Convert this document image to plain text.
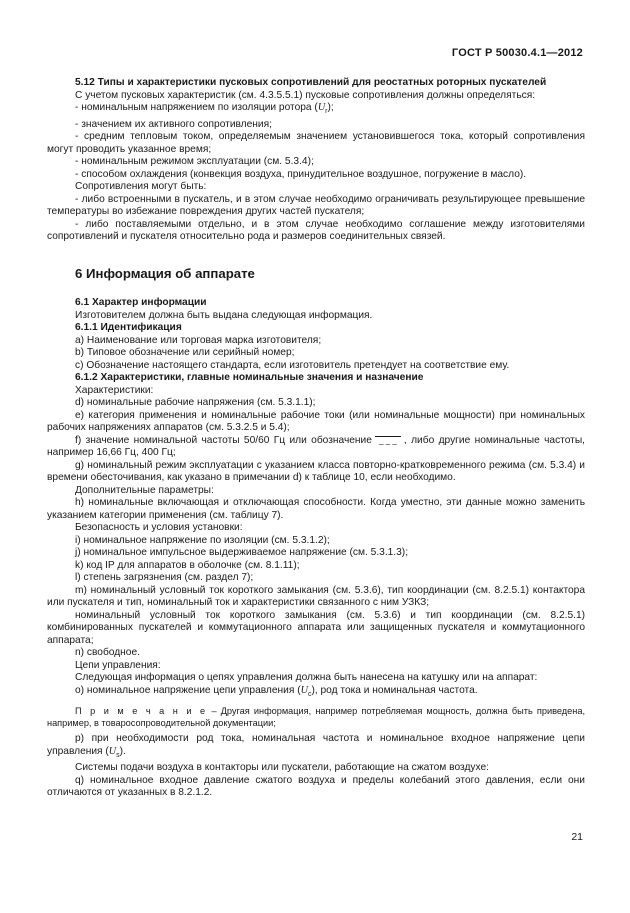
ГОСТ Р 50030.4.1—2012

5.12 Типы и характеристики пусковых сопротивлений для реостатных роторных пускателей

С учетом пусковых характеристик (см. 4.3.5.5.1) пусковые сопротивления должны определяться:

- номинальным напряжением по изоляции ротора $(U_r)$;

- значением их активного сопротивления;

- средним тепловым током, определяемым значением установившегося тока, который сопротивления могут проводить указанное время;

- номинальным режимом эксплуатации (см. 5.3.4);

- способом охлаждения (конвекция воздуха, принудительное воздушное, погружение в масло).

Сопротивления могут быть:

- либо встроенными в пускатель, и в этом случае необходимо ограничивать результирующее превышение температуры во избежание повреждения других частей пускателя;

- либо поставляемыми отдельно, и в этом случае необходимо соглашение между изготовителями сопротивлений и пускателя относительно рода и размеров соединительных связей.

6 Информация об аппарате

6.1 Характер информации

Изготовителем должна быть выдана следующая информация.

6.1.1 Идентификация

a) Наименование или торговая марка изготовителя;

b) Типовое обозначение или серийный номер;

c) Обозначение настоящего стандарта, если изготовитель претендует на соответствие ему.

6.1.2 Характеристики, главные номинальные значения и назначение

Характеристики:

d) номинальные рабочие напряжения (см. 5.3.1.1);

e) категория применения и номинальные рабочие токи (или номинальные мощности) при номинальных рабочих напряжениях аппаратов (см. 5.3.2.5 и 5.4);

f) значение номинальной частоты 50/60 Гц или обозначение _ _ _ , либо другие номинальные частоты, например 16,66 Гц, 400 Гц;

g) номинальный режим эксплуатации с указанием класса повторно-кратковременного режима (см. 5.3.4) и времени обесточивания, как указано в примечании d) к таблице 10, если необходимо.

Дополнительные параметры:

h) номинальные включающая и отключающая способности. Когда уместно, эти данные можно заменить указанием категории применения (см. таблицу 7).

Безопасность и условия установки:

i) номинальное напряжение по изоляции (см. 5.3.1.2);

j) номинальное импульсное выдерживаемое напряжение (см. 5.3.1.3);

k) код IP для аппаратов в оболочке (см. 8.1.11);

l) степень загрязнения (см. раздел 7);

m) номинальный условный ток короткого замыкания (см. 5.3.6), тип координации (см. 8.2.5.1) контактора или пускателя и тип, номинальный ток и характеристики связанного с ним УЗКЗ;

номинальный условный ток короткого замыкания (см. 5.3.6) и тип координации (см. 8.2.5.1) комбинированных пускателей и коммутационного аппарата или защищенных пускателя и коммутационного аппарата;

n) свободное.

Цепи управления:

Следующая информация о цепях управления должна быть нанесена на катушку или на аппарат:

o) номинальное напряжение цепи управления $(U_c)$, род тока и номинальная частота.

П р и м е ч а н и е – Другая информация, например потребляемая мощность, должна быть приведена, например, в товаросопроводительной документации;

p) при необходимости род тока, номинальная частота и номинальное входное напряжение цепи управления $(U_s)$.

Системы подачи воздуха в контакторы или пускатели, работающие на сжатом воздухе:

q) номинальное входное давление сжатого воздуха и пределы колебаний этого давления, если они отличаются от указанных в 8.2.1.2.

21
